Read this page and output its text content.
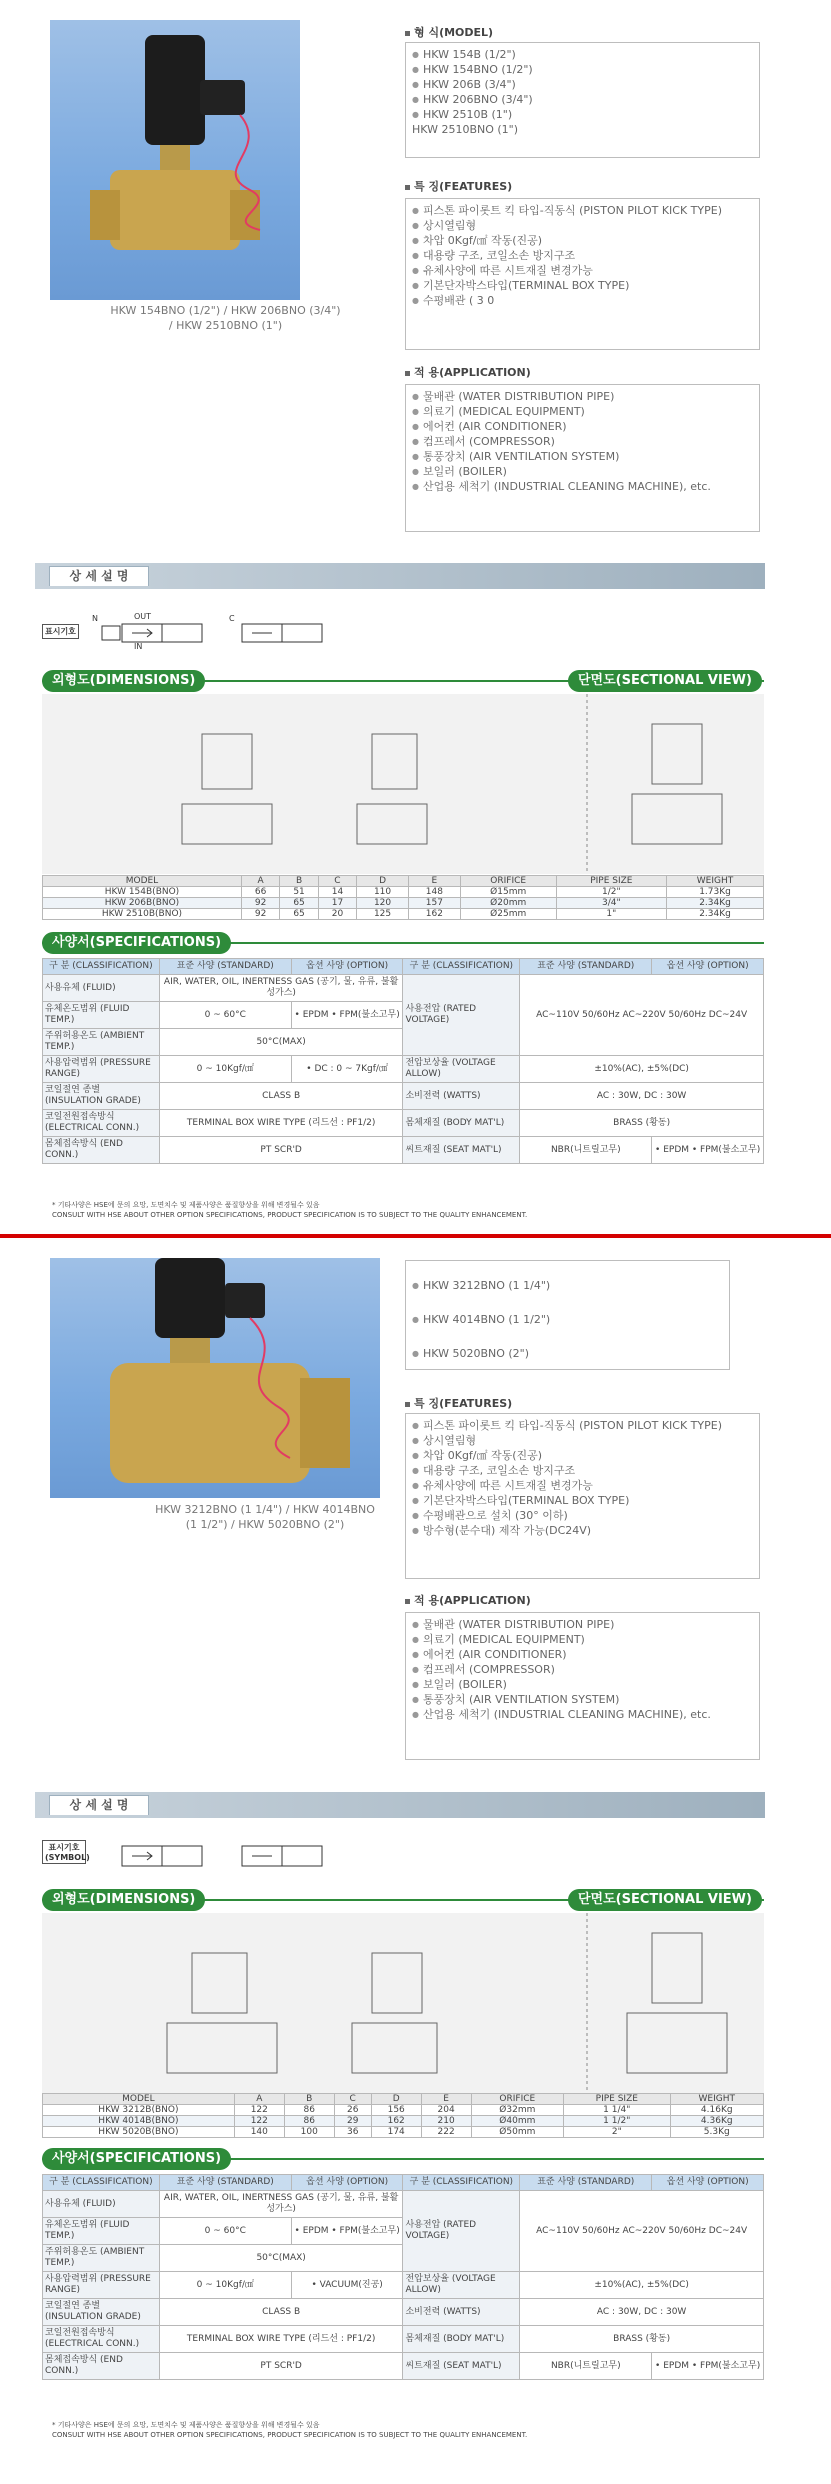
HKW 154BNO (1/2") / HKW 206BNO (3/4") / HKW 2510BNO (1")
형 식(MODEL)
● HKW 154B (1/2")
● HKW 154BNO (1/2")
● HKW 206B (3/4")
● HKW 206BNO (3/4")
● HKW 2510B (1")
HKW 2510BNO (1")
특 징(FEATURES)
● 피스톤 파이롯트 킥 타입-직동식 (PISTON PILOT KICK TYPE)
● 상시열림형
● 차압 0Kgf/㎠ 작동(진공)
● 대용량 구조, 코일소손 방지구조
● 유체사양에 따른 시트재질 변경가능
● 기본단자박스타입(TERMINAL BOX TYPE)
● 수평배관 ( 3 0
적 용(APPLICATION)
● 물배관 (WATER DISTRIBUTION PIPE)
● 의료기 (MEDICAL EQUIPMENT)
● 에어컨 (AIR CONDITIONER)
● 컴프레서 (COMPRESSOR)
● 통풍장치 (AIR VENTILATION SYSTEM)
● 보일러 (BOILER)
● 산업용 세척기 (INDUSTRIAL CLEANING MACHINE), etc.
상 세 설 명
표시기호
N	OUT
IN
C
외형도(DIMENSIONS)	단면도(SECTIONAL VIEW)
MODEL	A	B	C	D	E	ORIFICE	PIPE SIZE	WEIGHT
HKW 154B(BNO)	66	51	14	110	148	Ø15mm	1/2"	1.73Kg
HKW 206B(BNO)	92	65	17	120	157	Ø20mm	3/4"	2.34Kg
HKW 2510B(BNO)	92	65	20	125	162	Ø25mm	1"	2.34Kg
사양서(SPECIFICATIONS)
구 분 (CLASSIFICATION)	표준 사양 (STANDARD)	옵션 사양 (OPTION)	구 분 (CLASSIFICATION)	표준 사양 (STANDARD)	옵션 사양 (OPTION)
사용유체 (FLUID)	AIR, WATER, OIL, INERTNESS GAS (공기, 물, 유류, 불활성가스)		사용전압 (RATED VOLTAGE)	AC~110V 50/60Hz AC~220V 50/60Hz DC~24V	
유체온도범위 (FLUID TEMP.)	0 ~ 60°C	• EPDM • FPM(불소고무)			
주위허용온도 (AMBIENT TEMP.)	50°C(MAX)				
사용압력범위 (PRESSURE RANGE)	0 ~ 10Kgf/㎠	• DC : 0 ~ 7Kgf/㎠	전압보상율 (VOLTAGE ALLOW)	±10%(AC), ±5%(DC)	
코일절연 종별 (INSULATION GRADE)	CLASS B		소비전력 (WATTS)	AC : 30W, DC : 30W	
코일전원접속방식 (ELECTRICAL CONN.)	TERMINAL BOX WIRE TYPE (리드선 : PF1/2)		몸체재질 (BODY MAT'L)	BRASS (황동)	
몸체접속방식 (END CONN.)	PT SCR'D		씨트재질 (SEAT MAT'L)	NBR(니트릴고무)	• EPDM • FPM(불소고무)
* 기타사양은 HSE에 문의 요망, 도면치수 및 제품사양은 품질향상을 위해 변경될수 있음
CONSULT WITH HSE ABOUT OTHER OPTION SPECIFICATIONS, PRODUCT SPECIFICATION IS TO SUBJECT TO THE QUALITY ENHANCEMENT.
HKW 3212BNO (1 1/4") / HKW 4014BNO (1 1/2") / HKW 5020BNO (2")
● HKW 3212BNO (1 1/4")
● HKW 4014BNO (1 1/2")
● HKW 5020BNO (2")
특 징(FEATURES)
● 피스톤 파이롯트 킥 타입-직동식 (PISTON PILOT KICK TYPE)
● 상시열림형
● 차압 0Kgf/㎠ 작동(진공)
● 대용량 구조, 코일소손 방지구조
● 유체사양에 따른 시트재질 변경가능
● 기본단자박스타입(TERMINAL BOX TYPE)
● 수평배관으로 설치 (30° 이하)
● 방수형(분수대) 제작 가능(DC24V)
적 용(APPLICATION)
● 물배관 (WATER DISTRIBUTION PIPE)
● 의료기 (MEDICAL EQUIPMENT)
● 에어컨 (AIR CONDITIONER)
● 컴프레서 (COMPRESSOR)
● 보일러 (BOILER)
● 통풍장치 (AIR VENTILATION SYSTEM)
● 산업용 세척기 (INDUSTRIAL CLEANING MACHINE), etc.
상 세 설 명
표시기호 (SYMBOL)
외형도(DIMENSIONS)	단면도(SECTIONAL VIEW)
MODEL	A	B	C	D	E	ORIFICE	PIPE SIZE	WEIGHT
HKW 3212B(BNO)	122	86	26	156	204	Ø32mm	1 1/4"	4.16Kg
HKW 4014B(BNO)	122	86	29	162	210	Ø40mm	1 1/2"	4.36Kg
HKW 5020B(BNO)	140	100	36	174	222	Ø50mm	2"	5.3Kg
사양서(SPECIFICATIONS)
구 분 (CLASSIFICATION)	표준 사양 (STANDARD)	옵션 사양 (OPTION)	구 분 (CLASSIFICATION)	표준 사양 (STANDARD)	옵션 사양 (OPTION)
사용유체 (FLUID)	AIR, WATER, OIL, INERTNESS GAS (공기, 물, 유류, 불활성가스)		사용전압 (RATED VOLTAGE)	AC~110V 50/60Hz AC~220V 50/60Hz DC~24V	
유체온도범위 (FLUID TEMP.)	0 ~ 60°C	• EPDM • FPM(불소고무)			
주위허용온도 (AMBIENT TEMP.)	50°C(MAX)				
사용압력범위 (PRESSURE RANGE)	0 ~ 10Kgf/㎠	• VACUUM(진공)	전압보상율 (VOLTAGE ALLOW)	±10%(AC), ±5%(DC)	
코일절연 종별 (INSULATION GRADE)	CLASS B		소비전력 (WATTS)	AC : 30W, DC : 30W	
코일전원접속방식 (ELECTRICAL CONN.)	TERMINAL BOX WIRE TYPE (리드선 : PF1/2)		몸체재질 (BODY MAT'L)	BRASS (황동)	
몸체접속방식 (END CONN.)	PT SCR'D		씨트재질 (SEAT MAT'L)	NBR(니트릴고무)	• EPDM • FPM(불소고무)
* 기타사양은 HSE에 문의 요망, 도면치수 및 제품사양은 품질향상을 위해 변경될수 있음
CONSULT WITH HSE ABOUT OTHER OPTION SPECIFICATIONS, PRODUCT SPECIFICATION IS TO SUBJECT TO THE QUALITY ENHANCEMENT.
